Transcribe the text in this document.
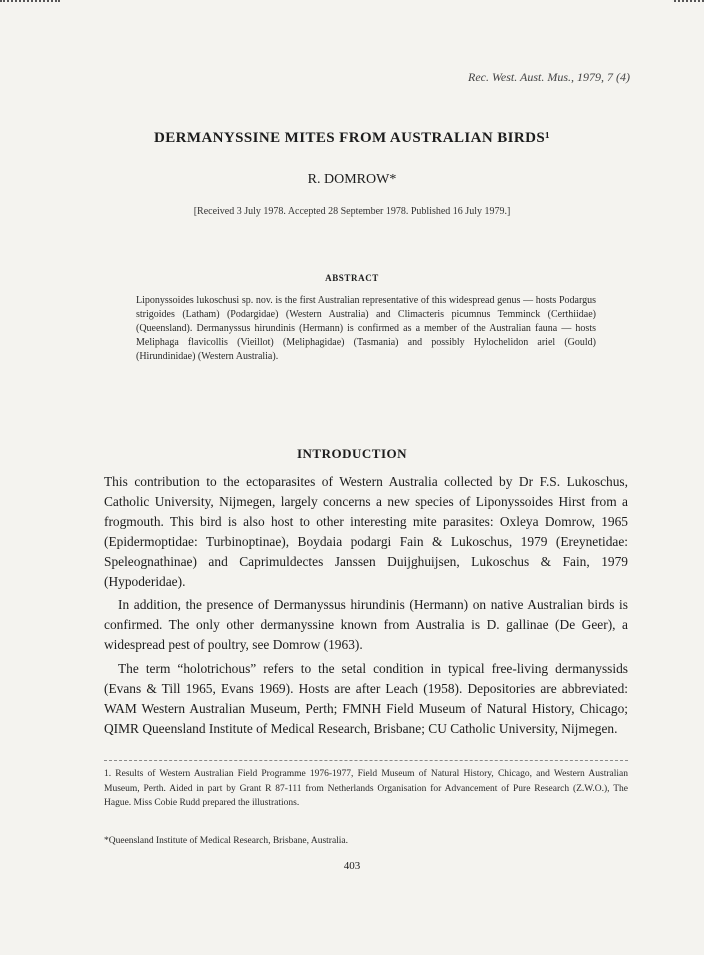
Rec. West. Aust. Mus., 1979, 7 (4)
DERMANYSSINE MITES FROM AUSTRALIAN BIRDS¹
R. DOMROW*
[Received 3 July 1978. Accepted 28 September 1978. Published 16 July 1979.]
ABSTRACT
Liponyssoides lukoschusi sp. nov. is the first Australian representative of this widespread genus — hosts Podargus strigoides (Latham) (Podargidae) (Western Australia) and Climacteris picumnus Temminck (Certhiidae) (Queensland). Dermanyssus hirundinis (Hermann) is confirmed as a member of the Australian fauna — hosts Meliphaga flavicollis (Vieillot) (Meliphagidae) (Tasmania) and possibly Hylochelidon ariel (Gould) (Hirundinidae) (Western Australia).
INTRODUCTION

This contribution to the ectoparasites of Western Australia collected by Dr F.S. Lukoschus, Catholic University, Nijmegen, largely concerns a new species of Liponyssoides Hirst from a frogmouth. This bird is also host to other interesting mite parasites: Oxleya Domrow, 1965 (Epidermoptidae: Turbinoptinae), Boydaia podargi Fain & Lukoschus, 1979 (Ereynetidae: Speleognathinae) and Caprimuldectes Janssen Duijghuijsen, Lukoschus & Fain, 1979 (Hypoderidae).

In addition, the presence of Dermanyssus hirundinis (Hermann) on native Australian birds is confirmed. The only other dermanyssine known from Australia is D. gallinae (De Geer), a widespread pest of poultry, see Domrow (1963).

The term “holotrichous” refers to the setal condition in typical free-living dermanyssids (Evans & Till 1965, Evans 1969). Hosts are after Leach (1958). Depositories are abbreviated: WAM Western Australian Museum, Perth; FMNH Field Museum of Natural History, Chicago; QIMR Queensland Institute of Medical Research, Brisbane; CU Catholic University, Nijmegen.

1. Results of Western Australian Field Programme 1976-1977, Field Museum of Natural History, Chicago, and Western Australian Museum, Perth. Aided in part by Grant R 87-111 from Netherlands Organisation for Advancement of Pure Research (Z.W.O.), The Hague. Miss Cobie Rudd prepared the illustrations.
*Queensland Institute of Medical Research, Brisbane, Australia.
403
